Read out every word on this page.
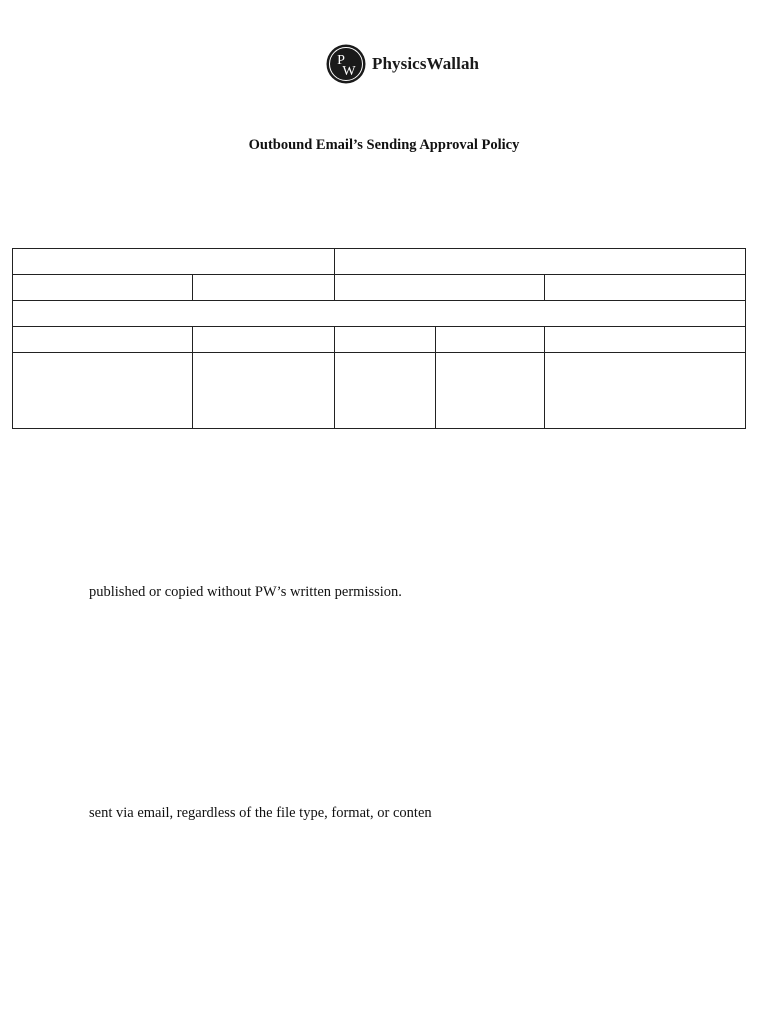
P
W PhysicsWallah
Outbound Email’s Sending Approval Policy

published or copied without PW’s written permission.

sent via email, regardless of the file type, format, or conten
